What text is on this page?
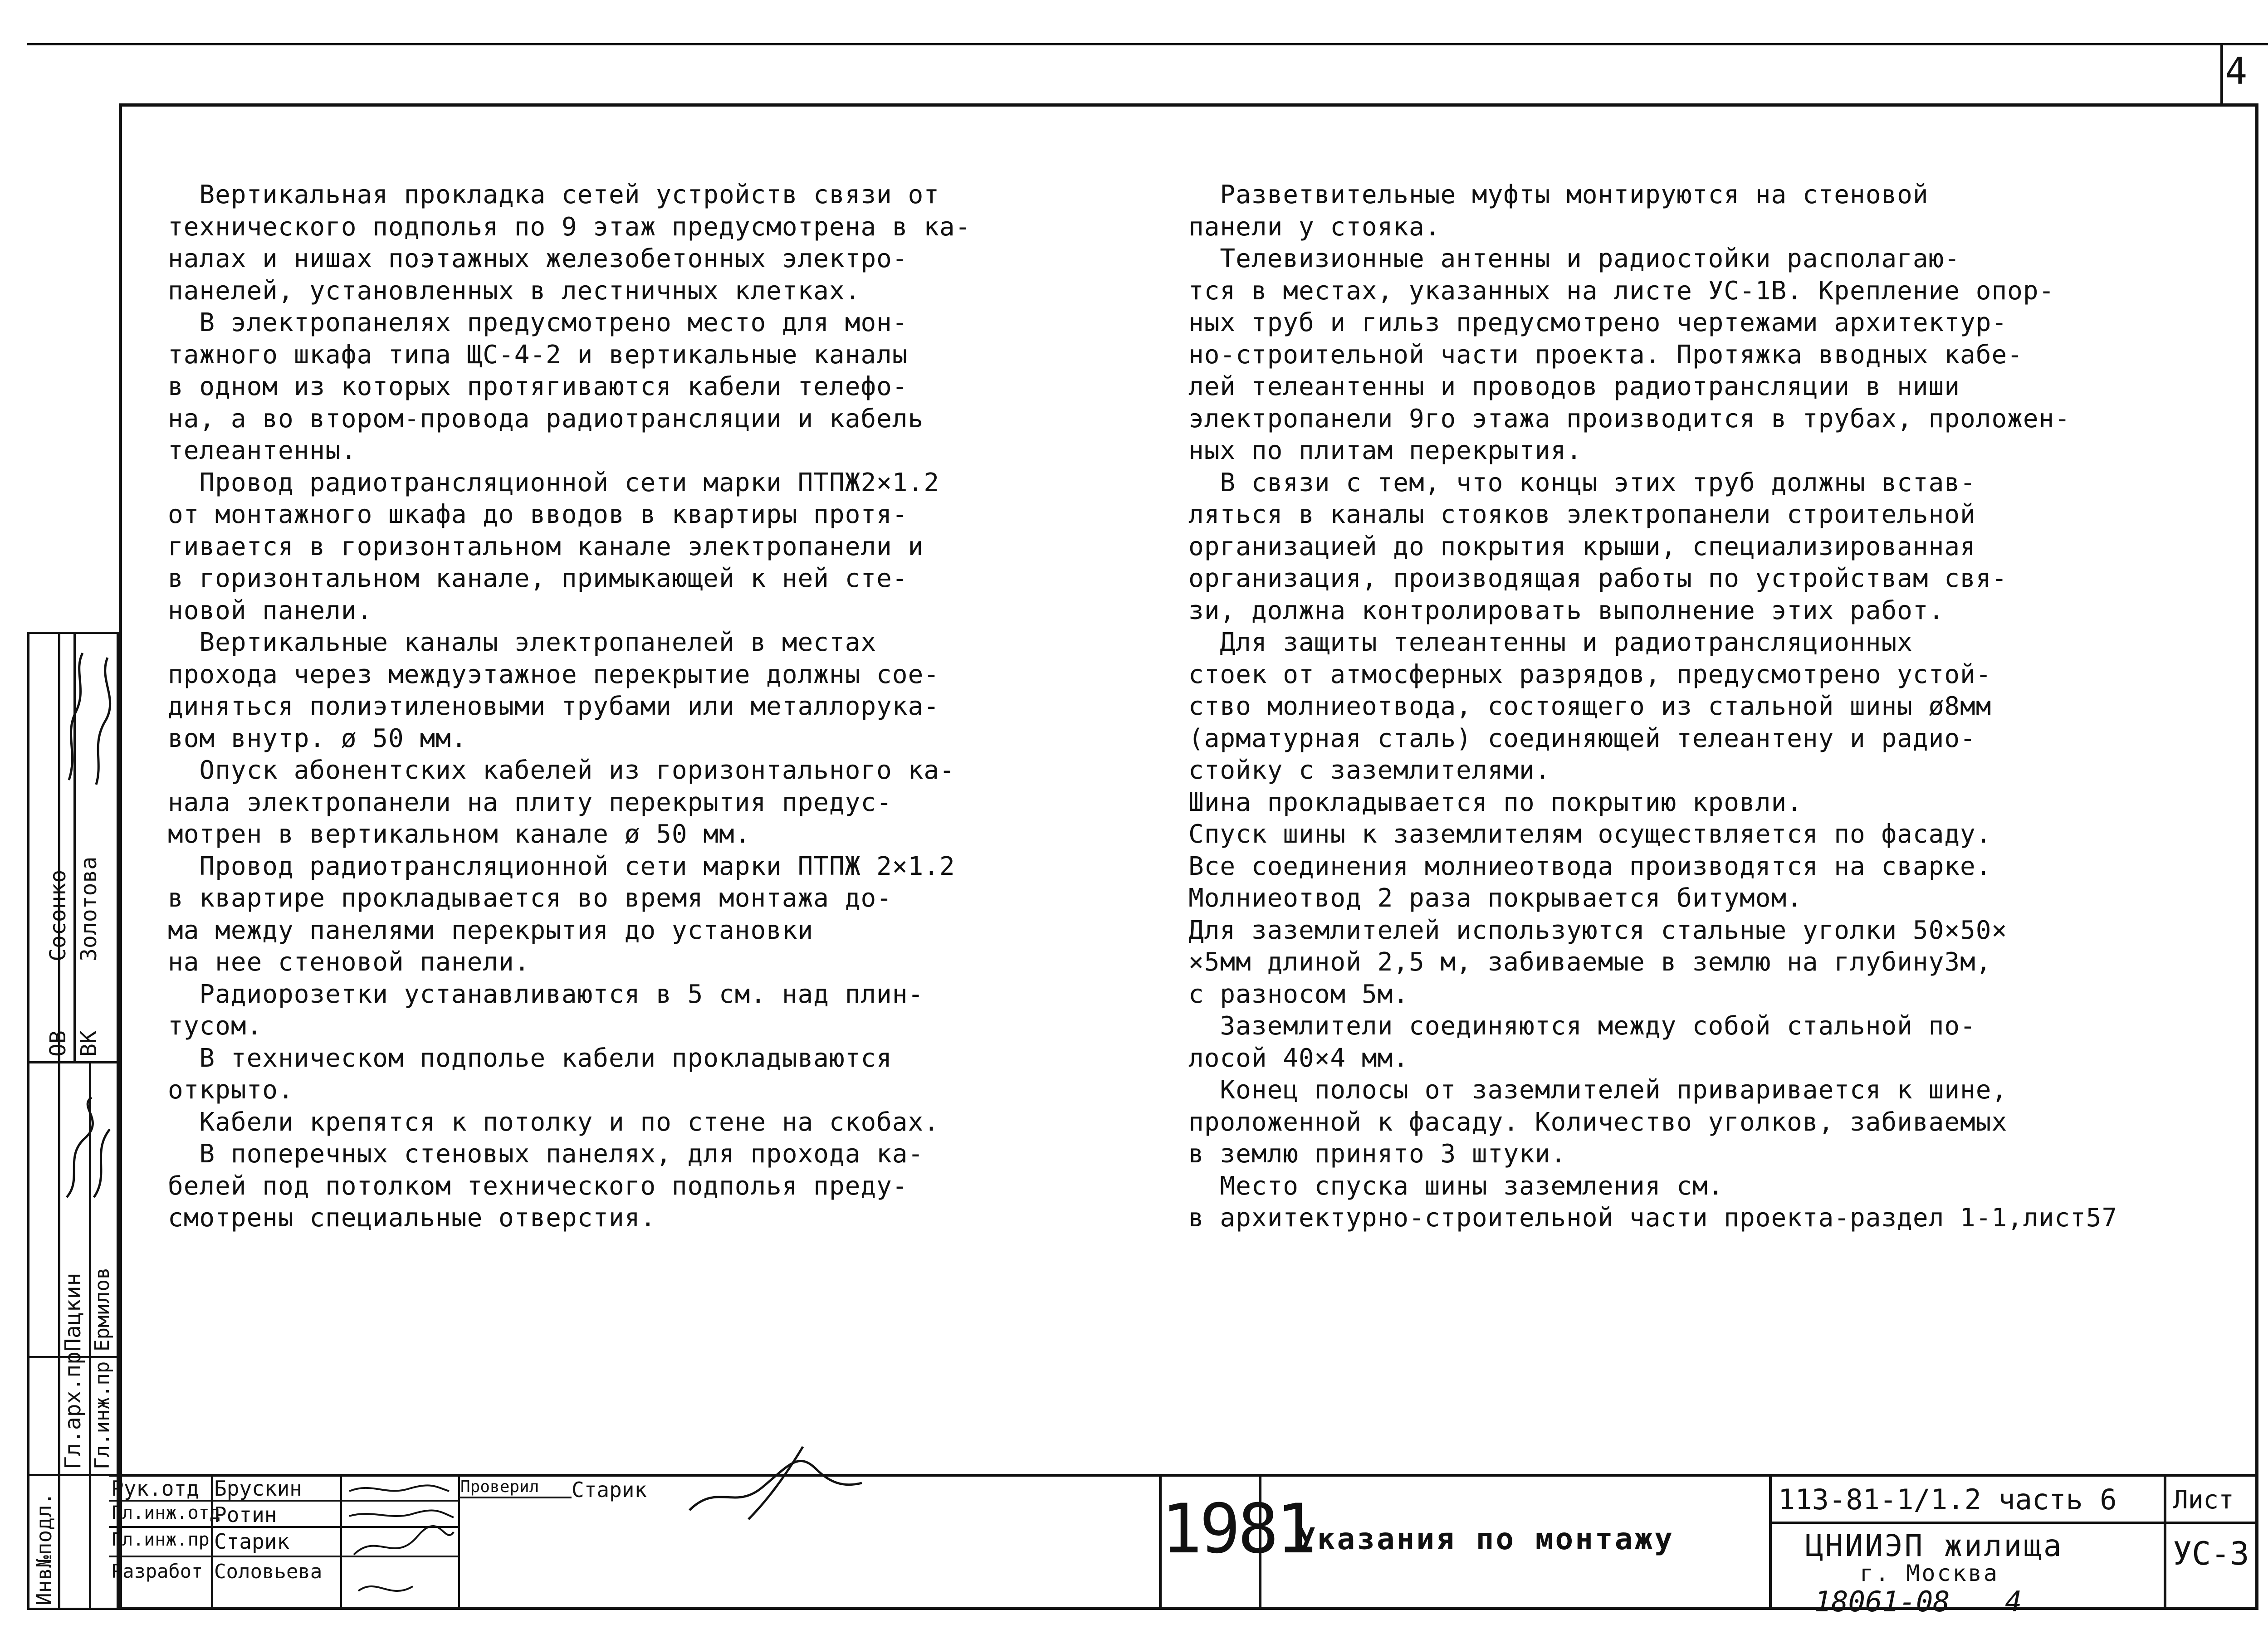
4

Вертикальная прокладка сетей устройств связи от

технического подполья по 9 этаж предусмотрена в ка-

налах и нишах поэтажных железобетонных электро-

панелей, установленных в лестничных клетках.

В электропанелях предусмотрено место для мон-

тажного шкафа типа ЩС-4-2 и вертикальные каналы

в одном из которых протягиваются кабели телефо-

на, а во втором-провода радиотрансляции и кабель

телеантенны.

Провод радиотрансляционной сети марки ПТПЖ2×1.2

от монтажного шкафа до вводов в квартиры протя-

гивается в горизонтальном канале электропанели и

в горизонтальном канале, примыкающей к ней сте-

новой панели.

Вертикальные каналы электропанелей в местах

прохода через междуэтажное перекрытие должны сое-

диняться полиэтиленовыми трубами или металлорука-

вом внутр. ø 50 мм.

Опуск абонентских кабелей из горизонтального ка-

нала электропанели на плиту перекрытия предус-

мотрен в вертикальном канале ø 50 мм.

Провод радиотрансляционной сети марки ПТПЖ 2×1.2

в квартире прокладывается во время монтажа до-

ма между панелями перекрытия до установки

на нее стеновой панели.

Радиорозетки устанавливаются в 5 см. над плин-

тусом.

В техническом подполье кабели прокладываются

открыто.

Кабели крепятся к потолку и по стене на скобах.

В поперечных стеновых панелях, для прохода ка-

белей под потолком технического подполья преду-

смотрены специальные отверстия.

Разветвительные муфты монтируются на стеновой

панели у стояка.

Телевизионные антенны и радиостойки располагаю-

тся в местах, указанных на листе УС-1В. Крепление опор-

ных труб и гильз предусмотрено чертежами архитектур-

но-строительной части проекта. Протяжка вводных кабе-

лей телеантенны и проводов радиотрансляции в ниши

электропанели 9го этажа производится в трубах, проложен-

ных по плитам перекрытия.

В связи с тем, что концы этих труб должны встав-

ляться в каналы стояков электропанели строительной

организацией до покрытия крыши, специализированная

организация, производящая работы по устройствам свя-

зи, должна контролировать выполнение этих работ.

Для защиты телеантенны и радиотрансляционных

стоек от атмосферных разрядов, предусмотрено устой-

ство молниеотвода, состоящего из стальной шины ø8мм

(арматурная сталь) соединяющей телеантену и радио-

стойку с заземлителями.

Шина прокладывается по покрытию кровли.

Спуск шины к заземлителям осуществляется по фасаду.

Все соединения молниеотвода производятся на сварке.

Молниеотвод 2 раза покрывается битумом.

Для заземлителей используются стальные уголки 50×50×

×5мм длиной 2,5 м, забиваемые в землю на глубину3м,

с разносом 5м.

Заземлители соединяются между собой стальной по-

лосой 40×4 мм.

Конец полосы от заземлителей приваривается к шине,

проложенной к фасаду. Количество уголков, забиваемых

в землю принято 3 штуки.

Место спуска шины заземления см.

в архитектурно-строительной части проекта-раздел 1-1,лист57

Инв№подл.
Гл.арх.пр
Пацкин
Гл.инж.пр
Ермилов
ОВ
Сосонко
ВК
Золотова
Рук.отд Брускин
Гл.инж.отд
Ротин
Гл.инж.пр Старик
Разработ Соловьева
Проверил Старик	1981
Указания по монтажу
113-81-1/1.2 часть 6
ЦНИИЭП жилища
г. Москва
Лист
УС-3
18061-08 4
